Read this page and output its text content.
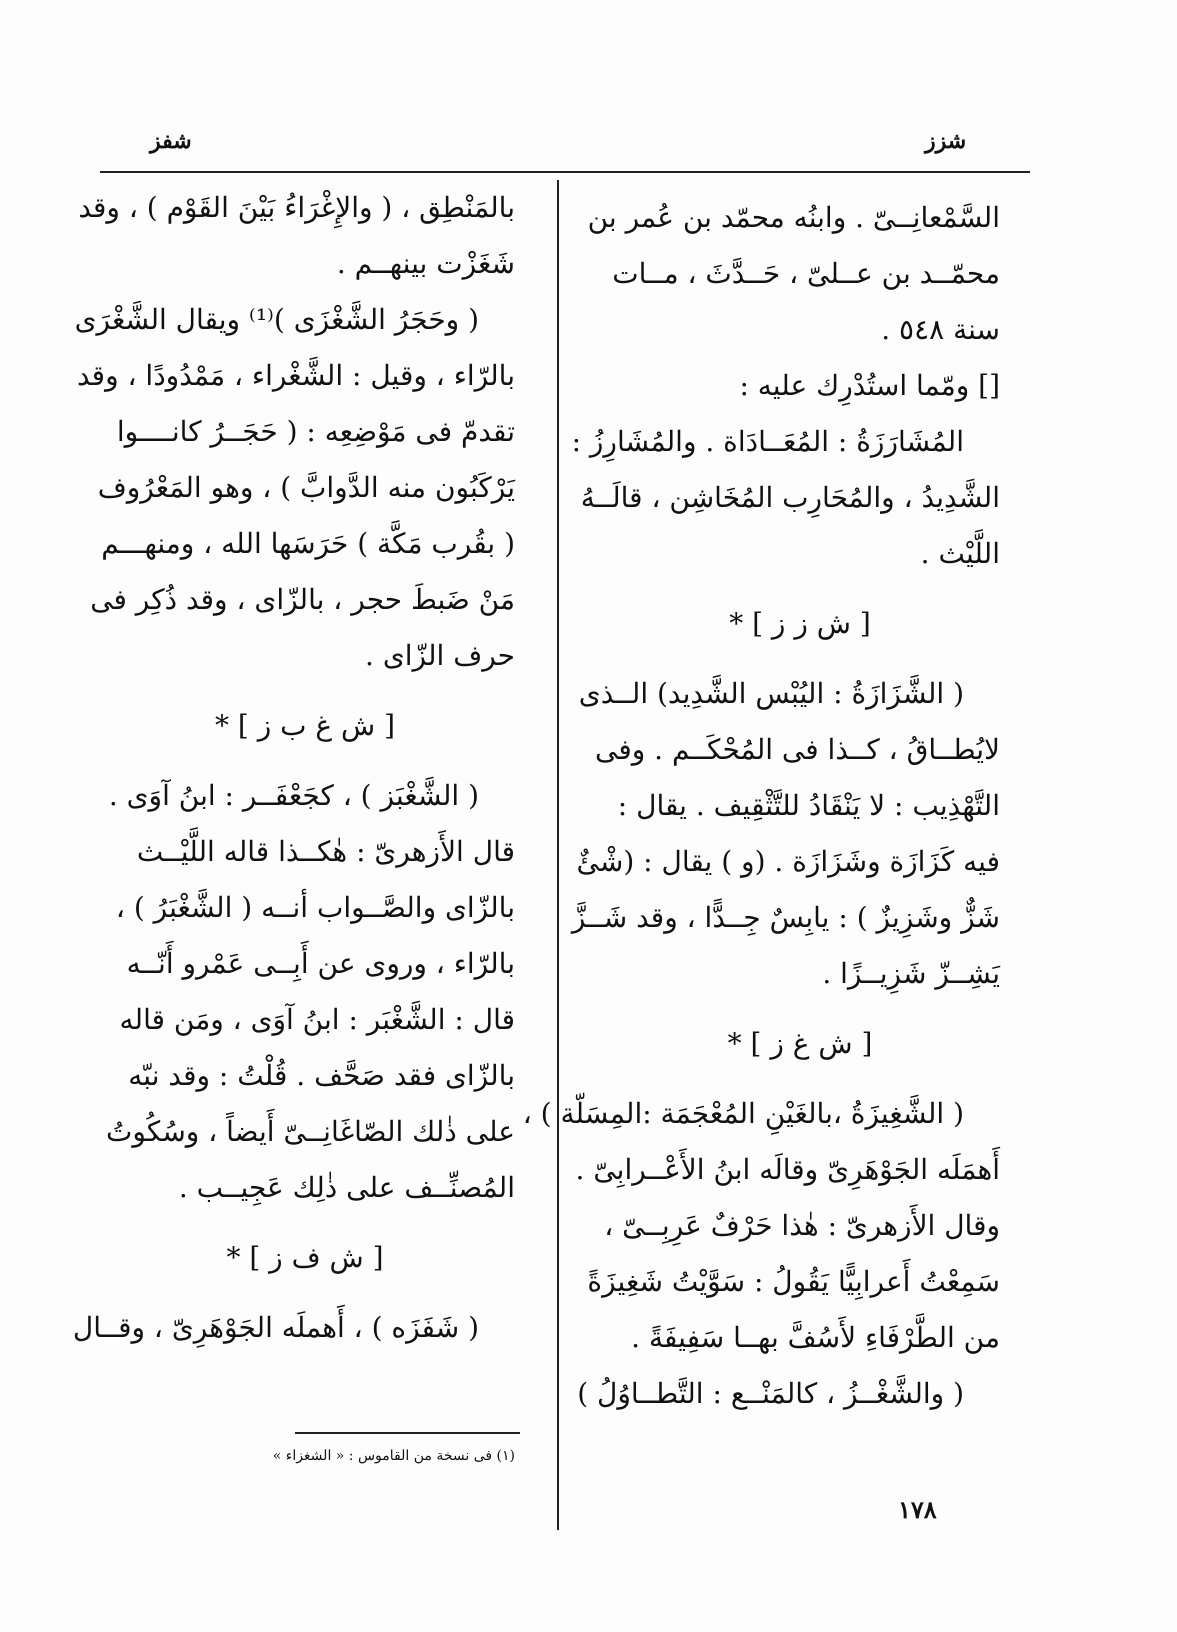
شزز
شفز
السَّمْعانِــىّ . وابنُه محمّد بن عُمر بن
محمّــد بن عــلىّ ، حَــدَّثَ ، مــات
سنة ٥٤٨ .
[] ومّما استُدْرِك عليه :
المُشَارَزَةُ : المُعَــادَاة . والمُشَارِزُ :
الشَّدِيدُ ، والمُحَارِب المُخَاشِن ، قالَــهُ
اللَّيْث .
[ ش ز ز ] *
( الشَّزَازَةُ : اليُبْس الشَّدِيد) الــذى
لايُطــاقُ ، كــذا فى المُحْكَــم . وفى
التَّهْذِيب : لا يَنْقَادُ للتَّثْقِيف . يقال :
فيه كَزَازَة وشَزَازَة . (و ) يقال : (شْئٌ
شَزٌّ وشَزِيزٌ ) : يابِسٌ جِــدًّا ، وقد شَــزَّ
يَشِــزّ شَزِيــزًا .
[ ش غ ز ] *
( الشَّغِيزَةُ ،بالغَيْنِ المُعْجَمَة :المِسَلّة ) ،
أَهمَلَه الجَوْهَرِىّ وقالَه ابنُ الأَعْــرابِىّ .
وقال الأَزهرىّ : هٰذا حَرْفٌ عَرِبِــىّ ،
سَمِعْتُ أَعرابِيًّا يَقُولُ : سَوَّيْتُ شَغِيزَةً
من الطَّرْفَاءِ لأَسُفَّ بهــا سَفِيفَةً .
( والشَّغْــزُ ، كالمَنْــع : التَّطــاوُلُ )
بالمَنْطِق ، ( والإِغْرَاءُ بَيْنَ القَوْم ) ، وقد
شَغَزْت بينهــم .
( وحَجَرُ الشَّغْزَى )⁽¹⁾ ويقال الشَّغْرَى
بالرّاء ، وقيل : الشَّغْراء ، مَمْدُودًا ، وقد
تقدمّ فى مَوْضِعِه : ( حَجَــرُ كانــــوا
يَرْكَبُون منه الدَّوابَّ ) ، وهو المَعْرُوف
( بقُرب مَكَّة ) حَرَسَها الله ، ومنهـــم
مَنْ ضَبطَ حجر ، بالزّاى ، وقد ذُكِر فى
حرف الزّاى .
[ ش غ ب ز ] *
( الشَّغْبَز ) ، كجَعْفَــر : ابنُ آوَى .
قال الأَزهرىّ : هٰكــذا قاله اللَّيْــث
بالزّاى والصَّــواب أنــه ( الشَّغْبَرُ ) ،
بالرّاء ، وروى عن أَبِــى عَمْرو أَنّــه
قال : الشَّغْبَر : ابنُ آوَى ، ومَن قاله
بالزّاى فقد صَحَّف . قُلْتُ : وقد نبّه
على ذٰلك الصّاغَانِــىّ أَيضاً ، وسُكُوتُ
المُصنِّــف على ذٰلِك عَجِيــب .
[ ش ف ز ] *
( شَفَزَه ) ، أَهملَه الجَوْهَرِىّ ، وقــال
(١) فى نسخة من القاموس : « الشغزاء »
١٧٨
